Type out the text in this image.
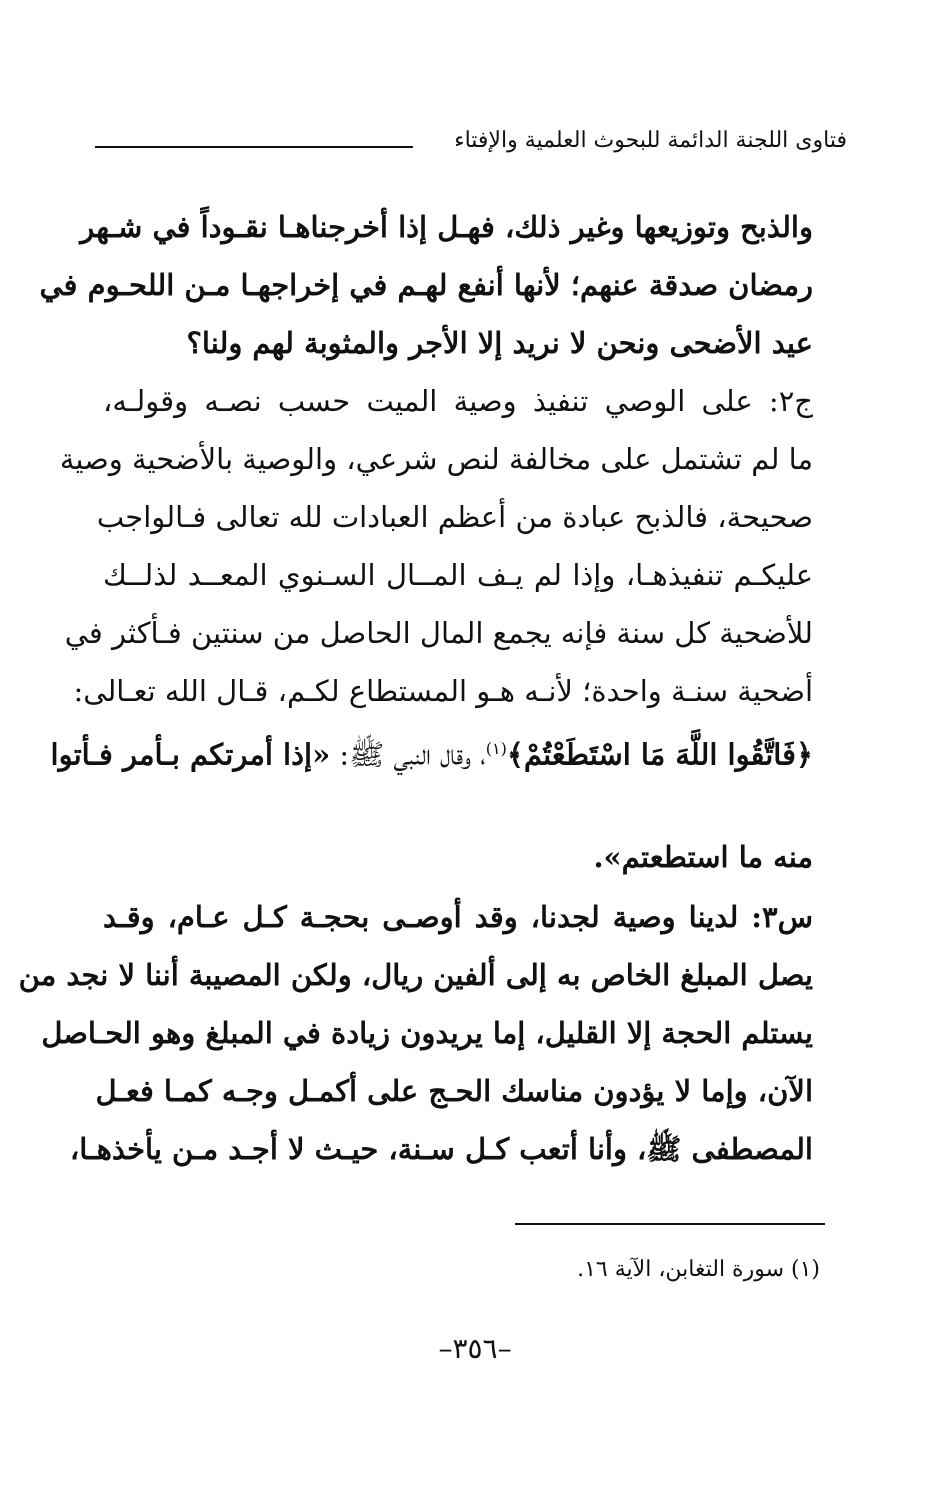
فتاوى اللجنة الدائمة للبحوث العلمية والإفتاء
والذبح وتوزيعها وغير ذلك، فهـل إذا أخرجناهـا نقـوداً في شـهر
رمضان صدقة عنهم؛ لأنها أنفع لهـم في إخراجهـا مـن اللحـوم في
عيد الأضحى ونحن لا نريد إلا الأجر والمثوبة لهم ولنا؟
ج٢: على الوصي تنفيذ وصية الميت حسب نصـه وقولـه،
ما لم تشتمل على مخالفة لنص شرعي، والوصية بالأضحية وصية
صحيحة، فالذبح عبادة من أعظم العبادات لله تعالى فـالواجب
عليكـم تنفيذهـا، وإذا لم يـف المــال السـنوي المعــد لذلــك
للأضحية كل سنة فإنه يجمع المال الحاصل من سنتين فـأكثر في
أضحية سنـة واحدة؛ لأنـه هـو المستطاع لكـم، قـال الله تعـالى:
﴿فَاتَّقُوا اللَّهَ مَا اسْتَطَعْتُمْ﴾$^{(١)}$، وقال النبي ﷺ: «إذا أمرتكم بـأمر فـأتوا
منه ما استطعتم».
س٣: لدينا وصية لجدنا، وقد أوصـى بحجـة كـل عـام، وقـد
يصل المبلغ الخاص به إلى ألفين ريال، ولكن المصيبة أننا لا نجد من
يستلم الحجة إلا القليل، إما يريدون زيادة في المبلغ وهو الحـاصل
الآن، وإما لا يؤدون مناسك الحـج على أكمـل وجـه كمـا فعـل
المصطفى ﷺ، وأنا أتعب كـل سـنة، حيـث لا أجـد مـن يأخذهـا،
(١) سورة التغابن، الآية ١٦.
–٣٥٦–
